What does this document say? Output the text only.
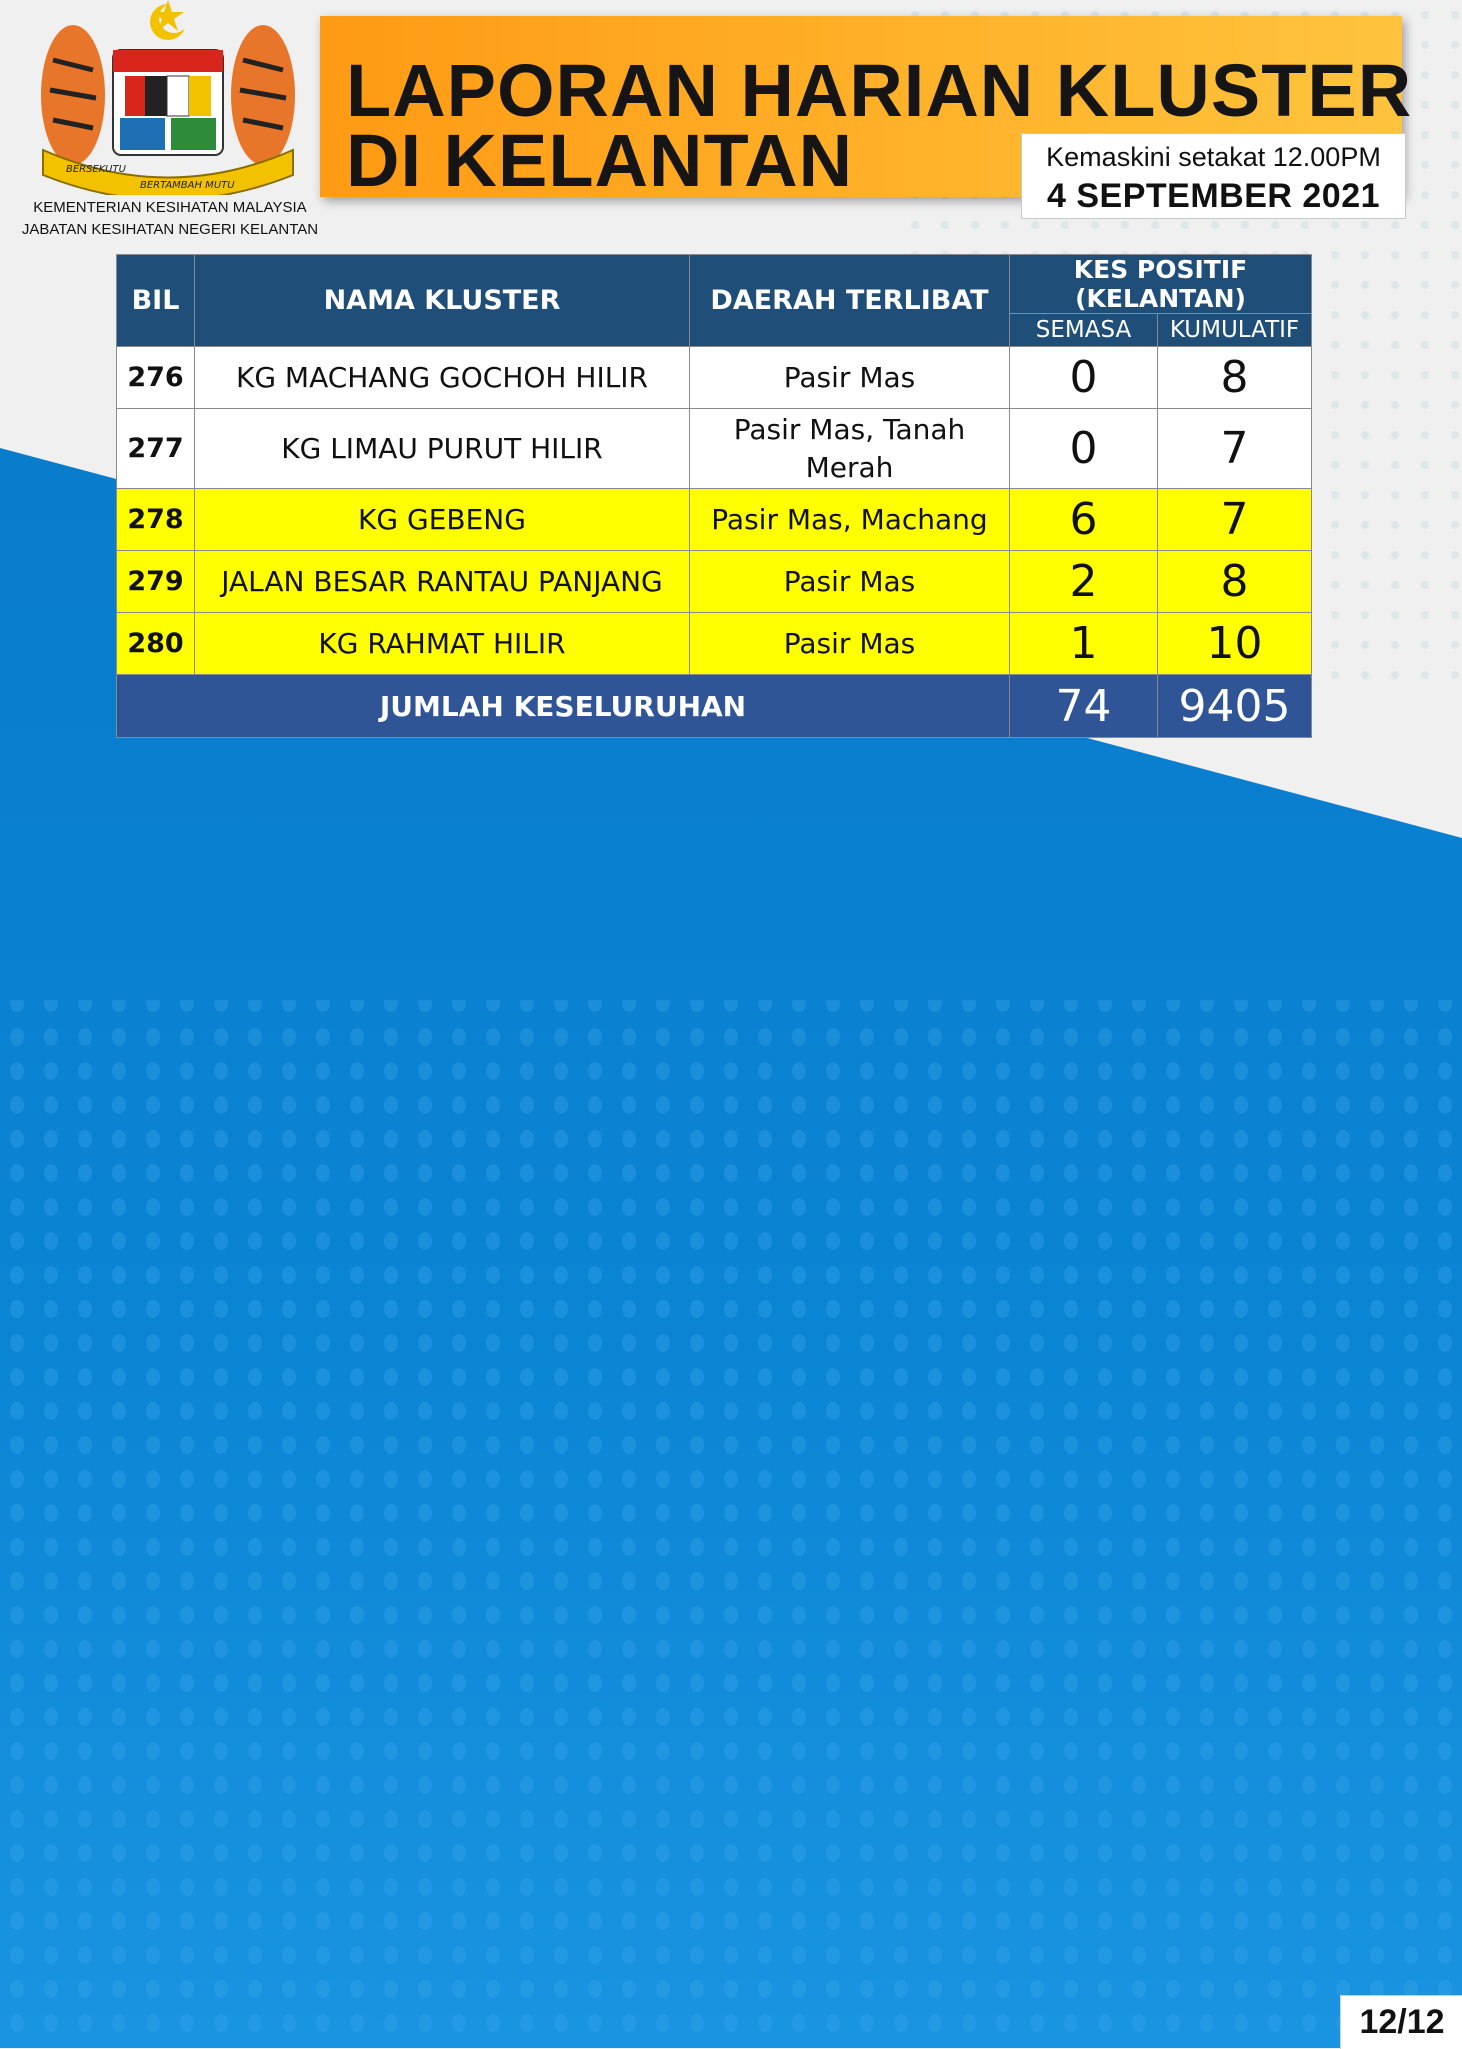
BERSEKUTU
BERTAMBAH MUTU
KEMENTERIAN KESIHATAN MALAYSIA
JABATAN KESIHATAN NEGERI KELANTAN
LAPORAN HARIAN KLUSTER
DI KELANTAN	Kemaskini setakat 12.00PM
4 SEPTEMBER 2021
BIL	NAMA KLUSTER	DAERAH TERLIBAT	KES POSITIF (KELANTAN)	
			SEMASA	KUMULATIF
276	KG MACHANG GOCHOH HILIR	Pasir Mas	0	8
277	KG LIMAU PURUT HILIR	Pasir Mas, Tanah Merah	0	7
278	KG GEBENG	Pasir Mas, Machang	6	7
279	JALAN BESAR RANTAU PANJANG	Pasir Mas	2	8
280	KG RAHMAT HILIR	Pasir Mas	1	10
JUMLAH KESELURUHAN			74	9405
12/12
